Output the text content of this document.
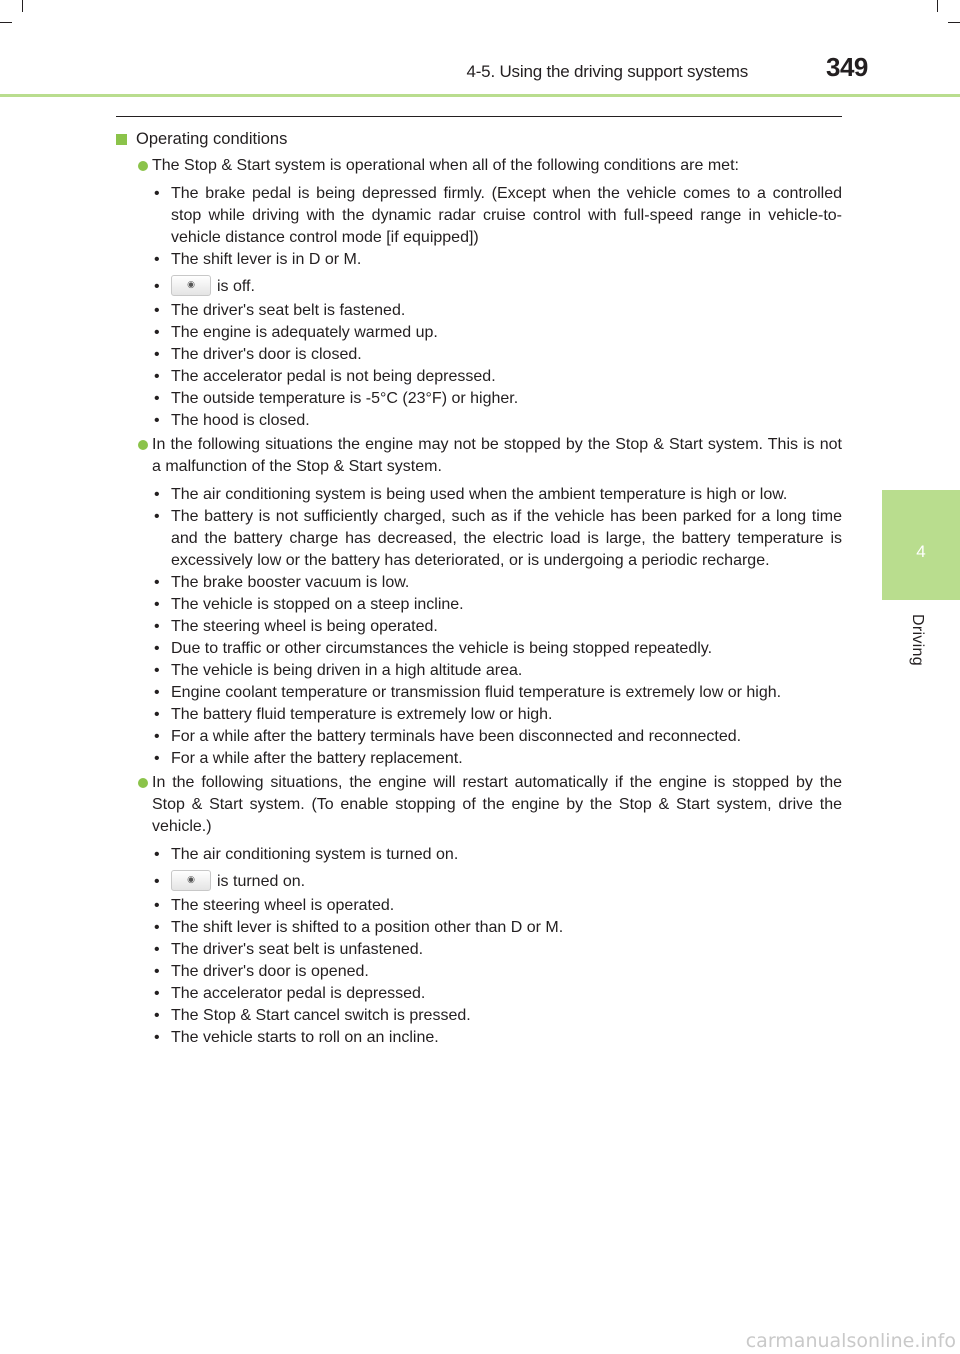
4-5. Using the driving support systems	349
4
Driving
Operating conditions
The Stop & Start system is operational when all of the following conditions are met:
• The brake pedal is being depressed firmly. (Except when the vehicle comes to a controlled stop while driving with the dynamic radar cruise control with full-speed range in vehicle-to-vehicle distance control mode [if equipped])
• The shift lever is in D or M.
•	◉ is off.
• The driver's seat belt is fastened.
• The engine is adequately warmed up.
• The driver's door is closed.
• The accelerator pedal is not being depressed.
• The outside temperature is -5°C (23°F) or higher.
• The hood is closed.
In the following situations the engine may not be stopped by the Stop & Start system. This is not a malfunction of the Stop & Start system.
• The air conditioning system is being used when the ambient temperature is high or low.
• The battery is not sufficiently charged, such as if the vehicle has been parked for a long time and the battery charge has decreased, the electric load is large, the battery temperature is excessively low or the battery has deteriorated, or is undergoing a periodic recharge.
• The brake booster vacuum is low.
• The vehicle is stopped on a steep incline.
• The steering wheel is being operated.
• Due to traffic or other circumstances the vehicle is being stopped repeatedly.
• The vehicle is being driven in a high altitude area.
• Engine coolant temperature or transmission fluid temperature is extremely low or high.
• The battery fluid temperature is extremely low or high.
• For a while after the battery terminals have been disconnected and reconnected.
• For a while after the battery replacement.
In the following situations, the engine will restart automatically if the engine is stopped by the Stop & Start system. (To enable stopping of the engine by the Stop & Start system, drive the vehicle.)
• The air conditioning system is turned on.
•	◉ is turned on.
• The steering wheel is operated.
• The shift lever is shifted to a position other than D or M.
• The driver's seat belt is unfastened.
• The driver's door is opened.
• The accelerator pedal is depressed.
• The Stop & Start cancel switch is pressed.
• The vehicle starts to roll on an incline.
carmanualsonline.info
